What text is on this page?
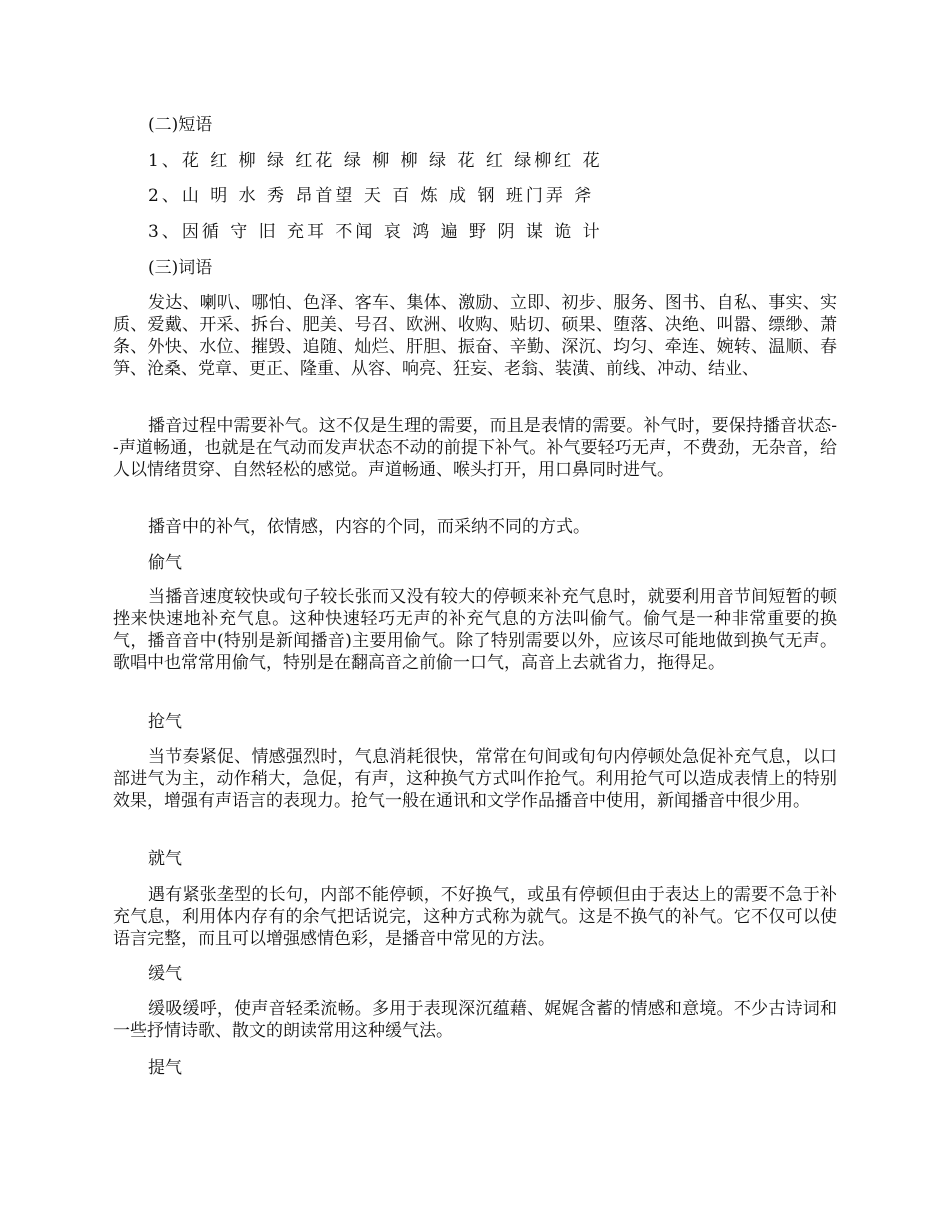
(二)短语
1、花 红 柳 绿 红花 绿 柳 柳 绿 花 红 绿柳红 花
2、山 明 水 秀 昂首望 天 百 炼 成 钢 班门弄 斧
3、因循 守 旧 充耳 不闻 哀 鸿 遍 野 阴 谋 诡 计
(三)词语
发达、喇叭、哪怕、色泽、客车、集体、激励、立即、初步、服务、图书、自私、事实、实质、爱戴、开采、拆台、肥美、号召、欧洲、收购、贴切、硕果、堕落、决绝、叫嚣、缥缈、萧条、外快、水位、摧毁、追随、灿烂、肝胆、振奋、辛勤、深沉、均匀、牵连、婉转、温顺、春笋、沧桑、党章、更正、隆重、从容、响亮、狂妄、老翁、装潢、前线、冲动、结业、
播音过程中需要补气。这不仅是生理的需要，而且是表情的需要。补气时，要保持播音状态--声道畅通，也就是在气动而发声状态不动的前提下补气。补气要轻巧无声，不费劲，无杂音，给人以情绪贯穿、自然轻松的感觉。声道畅通、喉头打开，用口鼻同时进气。
播音中的补气，依情感，内容的个同，而采纳不同的方式。
偷气
当播音速度较快或句子较长张而又没有较大的停顿来补充气息时，就要利用音节间短暂的顿挫来快速地补充气息。这种快速轻巧无声的补充气息的方法叫偷气。偷气是一种非常重要的换气，播音音中(特别是新闻播音)主要用偷气。除了特别需要以外，应该尽可能地做到换气无声。歌唱中也常常用偷气，特别是在翻高音之前偷一口气，高音上去就省力，拖得足。
抢气
当节奏紧促、情感强烈时，气息消耗很快，常常在句间或旬句内停顿处急促补充气息，以口部进气为主，动作稍大，急促，有声，这种换气方式叫作抢气。利用抢气可以造成表情上的特别效果，增强有声语言的表现力。抢气一般在通讯和文学作品播音中使用，新闻播音中很少用。
就气
遇有紧张垄型的长句，内部不能停顿，不好换气，或虽有停顿但由于表达上的需要不急于补充气息，利用体内存有的余气把话说完，这种方式称为就气。这是不换气的补气。它不仅可以使语言完整，而且可以增强感情色彩，是播音中常见的方法。
缓气
缓吸缓呼，使声音轻柔流畅。多用于表现深沉蕴藉、娓娓含蓄的情感和意境。不少古诗词和一些抒情诗歌、散文的朗读常用这种缓气法。
提气
